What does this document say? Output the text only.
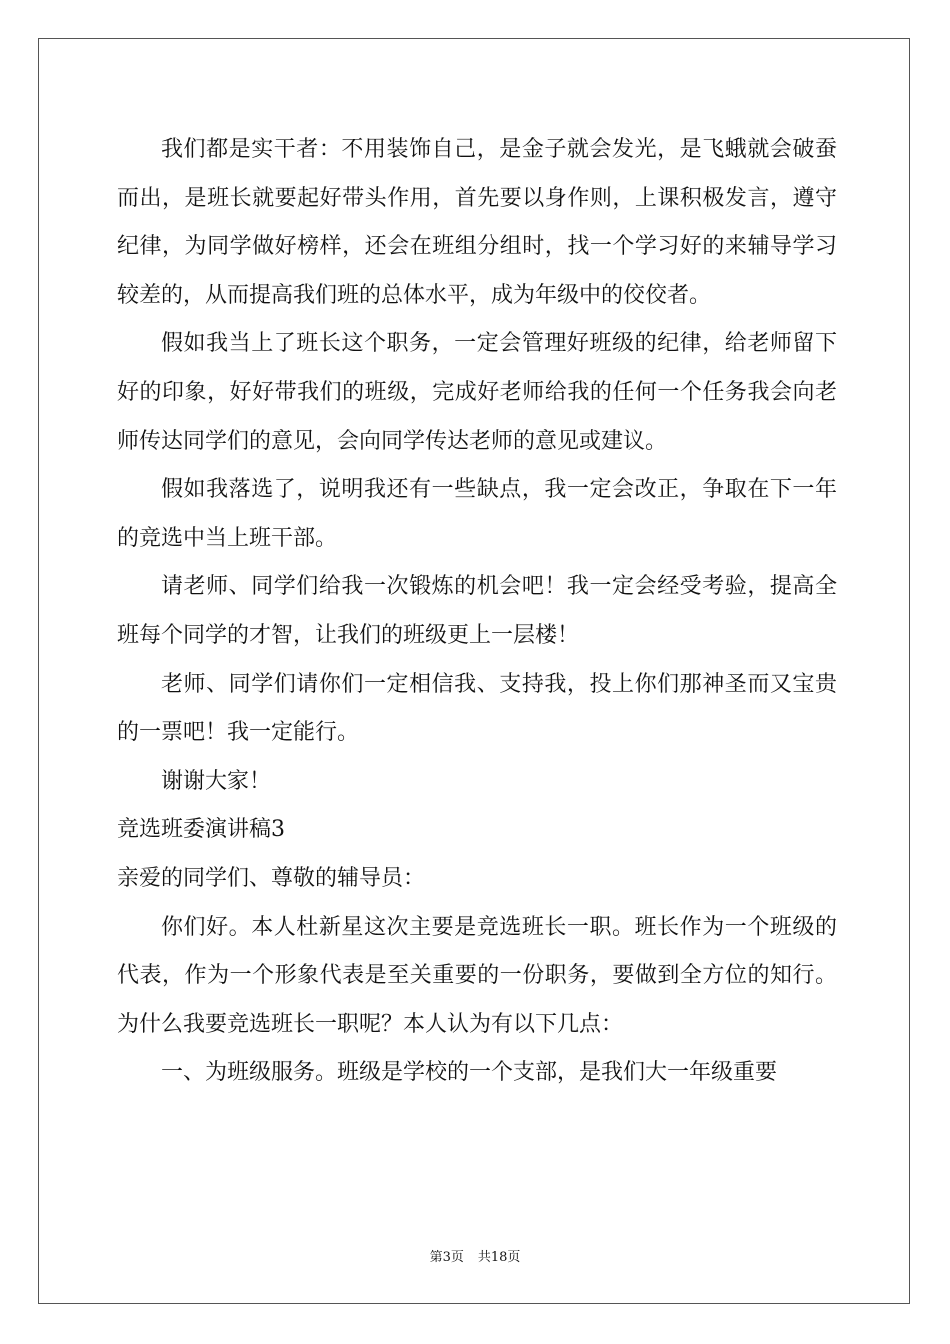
我们都是实干者：不用装饰自己，是金子就会发光，是飞蛾就会破蚕而出，是班长就要起好带头作用，首先要以身作则，上课积极发言，遵守纪律，为同学做好榜样，还会在班组分组时，找一个学习好的来辅导学习较差的，从而提高我们班的总体水平，成为年级中的佼佼者。

假如我当上了班长这个职务，一定会管理好班级的纪律，给老师留下好的印象，好好带我们的班级，完成好老师给我的任何一个任务我会向老师传达同学们的意见，会向同学传达老师的意见或建议。

假如我落选了，说明我还有一些缺点，我一定会改正，争取在下一年的竞选中当上班干部。

请老师、同学们给我一次锻炼的机会吧！我一定会经受考验，提高全班每个同学的才智，让我们的班级更上一层楼！

老师、同学们请你们一定相信我、支持我，投上你们那神圣而又宝贵的一票吧！我一定能行。

谢谢大家！

竞选班委演讲稿3

亲爱的同学们、尊敬的辅导员：

你们好。本人杜新星这次主要是竞选班长一职。班长作为一个班级的代表，作为一个形象代表是至关重要的一份职务，要做到全方位的知行。为什么我要竞选班长一职呢？本人认为有以下几点：

一、为班级服务。班级是学校的一个支部，是我们大一年级重要

第3页 共18页
